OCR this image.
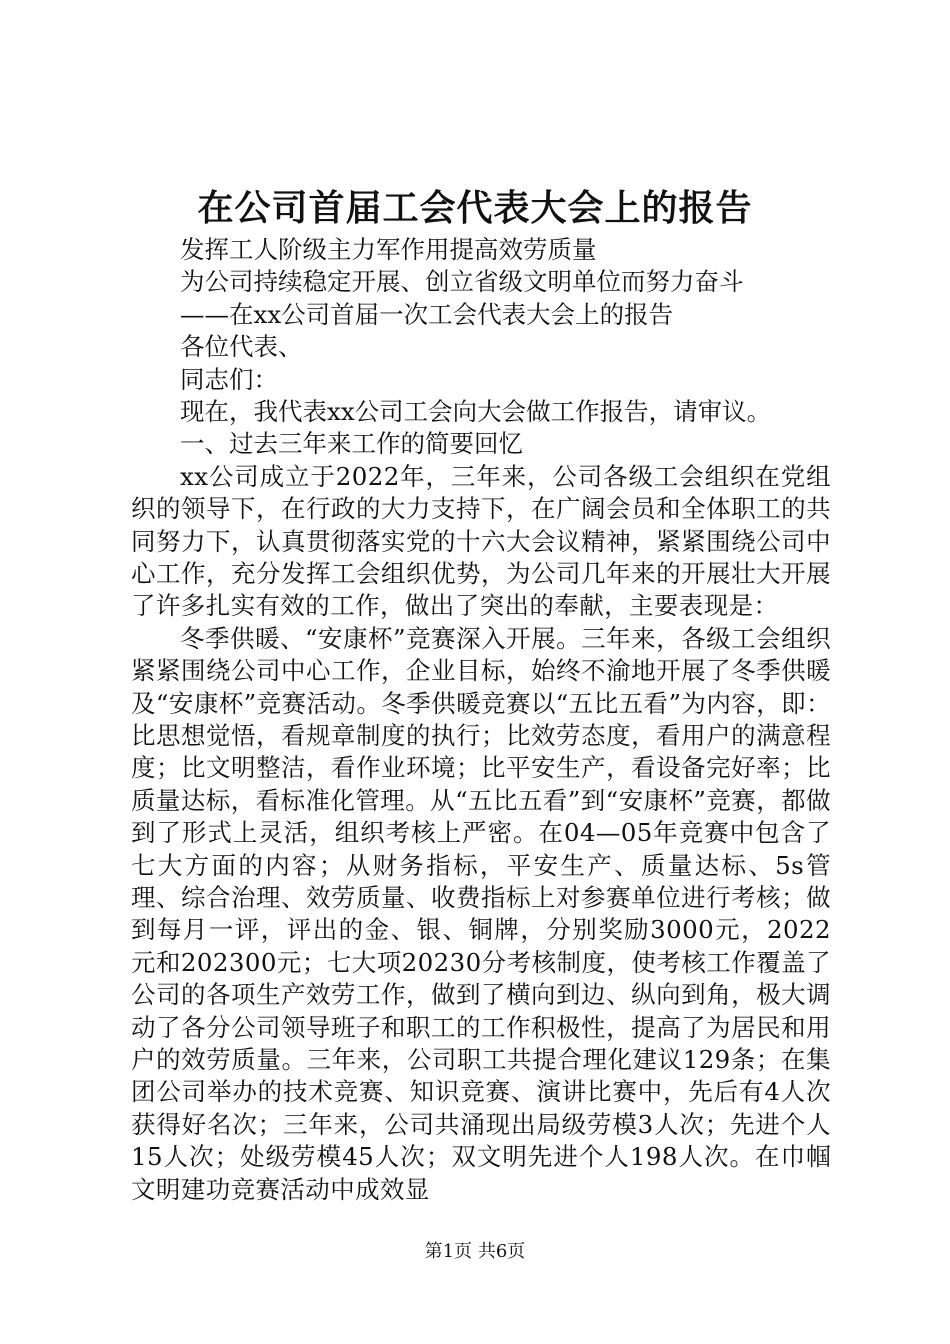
在公司首届工会代表大会上的报告

发挥工人阶级主力军作用提高效劳质量

为公司持续稳定开展、创立省级文明单位而努力奋斗

——在xx公司首届一次工会代表大会上的报告

各位代表、

同志们：

现在，我代表xx公司工会向大会做工作报告，请审议。

一、过去三年来工作的简要回忆

xx公司成立于2022年，三年来，公司各级工会组织在党组织的领导下，在行政的大力支持下，在广阔会员和全体职工的共同努力下，认真贯彻落实党的十六大会议精神，紧紧围绕公司中心工作，充分发挥工会组织优势，为公司几年来的开展壮大开展了许多扎实有效的工作，做出了突出的奉献，主要表现是：

冬季供暖、“安康杯”竞赛深入开展。三年来，各级工会组织紧紧围绕公司中心工作，企业目标，始终不渝地开展了冬季供暖及“安康杯”竞赛活动。冬季供暖竞赛以“五比五看”为内容，即：比思想觉悟，看规章制度的执行；比效劳态度，看用户的满意程度；比文明整洁，看作业环境；比平安生产，看设备完好率；比质量达标，看标准化管理。从“五比五看”到“安康杯”竞赛，都做到了形式上灵活，组织考核上严密。在04—05年竞赛中包含了七大方面的内容；从财务指标，平安生产、质量达标、5s管理、综合治理、效劳质量、收费指标上对参赛单位进行考核；做到每月一评，评出的金、银、铜牌，分别奖励3000元，2022元和202300元；七大项20230分考核制度，使考核工作覆盖了公司的各项生产效劳工作，做到了横向到边、纵向到角，极大调动了各分公司领导班子和职工的工作积极性，提高了为居民和用户的效劳质量。三年来，公司职工共提合理化建议129条；在集团公司举办的技术竞赛、知识竞赛、演讲比赛中，先后有4人次获得好名次；三年来，公司共涌现出局级劳模3人次；先进个人15人次；处级劳模45人次；双文明先进个人198人次。在巾帼文明建功竞赛活动中成效显

第1页 共6页
